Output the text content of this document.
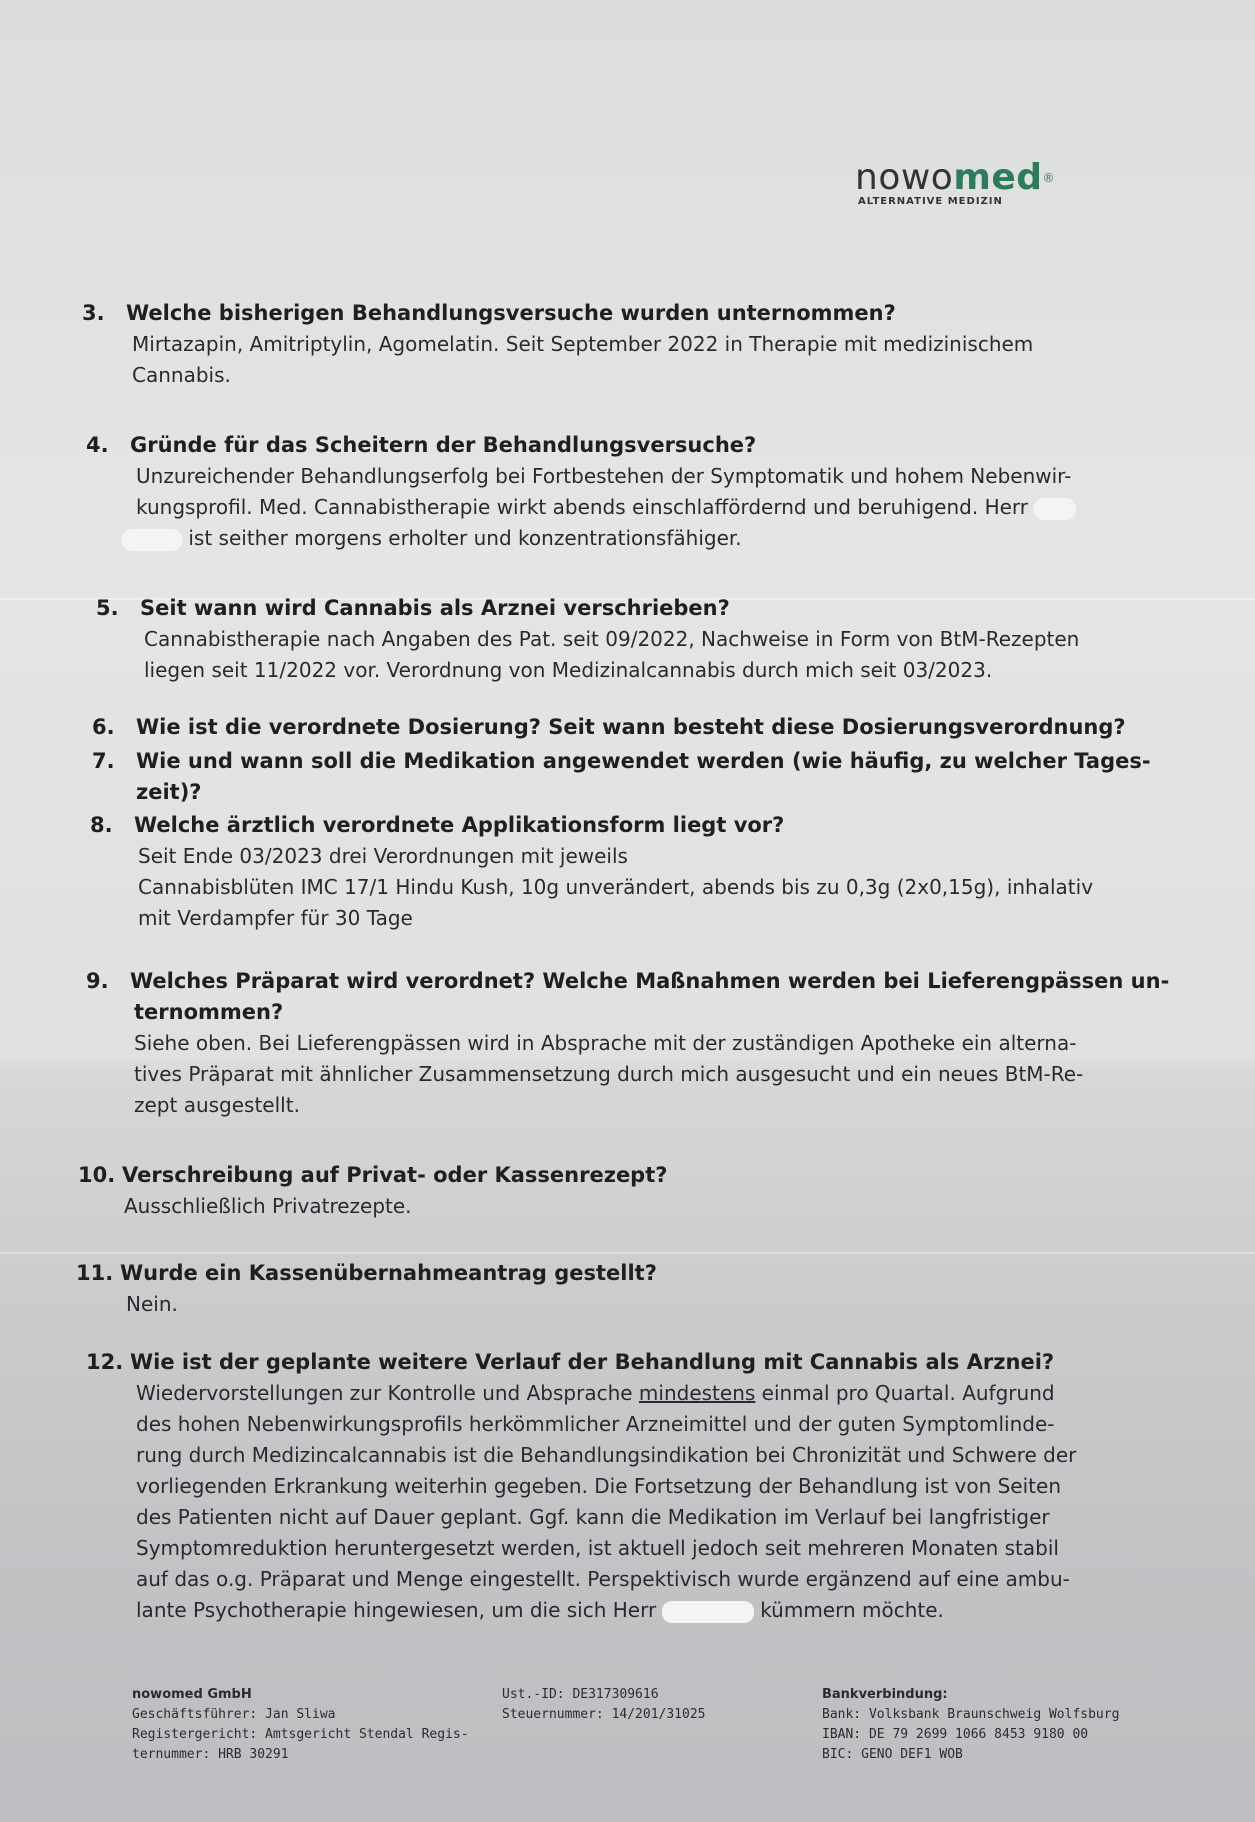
nowomed®
ALTERNATIVE MEDIZIN
3. Welche bisherigen Behandlungsversuche wurden unternommen?
Mirtazapin, Amitriptylin, Agomelatin. Seit September 2022 in Therapie mit medizinischem
Cannabis.
4. Gründe für das Scheitern der Behandlungsversuche?
Unzureichender Behandlungserfolg bei Fortbestehen der Symptomatik und hohem Nebenwir-
kungsprofil. Med. Cannabistherapie wirkt abends einschlaffördernd und beruhigend. Herr
ist seither morgens erholter und konzentrationsfähiger.
5. Seit wann wird Cannabis als Arznei verschrieben?
Cannabistherapie nach Angaben des Pat. seit 09/2022, Nachweise in Form von BtM-Rezepten
liegen seit 11/2022 vor. Verordnung von Medizinalcannabis durch mich seit 03/2023.
6. Wie ist die verordnete Dosierung? Seit wann besteht diese Dosierungsverordnung?
7. Wie und wann soll die Medikation angewendet werden (wie häufig, zu welcher Tages-
zeit)?
8. Welche ärztlich verordnete Applikationsform liegt vor?
Seit Ende 03/2023 drei Verordnungen mit jeweils
Cannabisblüten IMC 17/1 Hindu Kush, 10g unverändert, abends bis zu 0,3g (2x0,15g), inhalativ
mit Verdampfer für 30 Tage
9. Welches Präparat wird verordnet? Welche Maßnahmen werden bei Lieferengpässen un-
ternommen?
Siehe oben. Bei Lieferengpässen wird in Absprache mit der zuständigen Apotheke ein alterna-
tives Präparat mit ähnlicher Zusammensetzung durch mich ausgesucht und ein neues BtM-Re-
zept ausgestellt.
10. Verschreibung auf Privat- oder Kassenrezept?
Ausschließlich Privatrezepte.
11. Wurde ein Kassenübernahmeantrag gestellt?
Nein.
12. Wie ist der geplante weitere Verlauf der Behandlung mit Cannabis als Arznei?
Wiedervorstellungen zur Kontrolle und Absprache mindestens einmal pro Quartal. Aufgrund
des hohen Nebenwirkungsprofils herkömmlicher Arzneimittel und der guten Symptomlinde-
rung durch Medizincalcannabis ist die Behandlungsindikation bei Chronizität und Schwere der
vorliegenden Erkrankung weiterhin gegeben. Die Fortsetzung der Behandlung ist von Seiten
des Patienten nicht auf Dauer geplant. Ggf. kann die Medikation im Verlauf bei langfristiger
Symptomreduktion heruntergesetzt werden, ist aktuell jedoch seit mehreren Monaten stabil
auf das o.g. Präparat und Menge eingestellt. Perspektivisch wurde ergänzend auf eine ambu-
lante Psychotherapie hingewiesen, um die sich Herr	kümmern möchte.
nowomed GmbH
Geschäftsführer: Jan Sliwa
Registergericht: Amtsgericht Stendal Regis-
ternummer: HRB 30291
Ust.-ID: DE317309616
Steuernummer: 14/201/31025
Bankverbindung:
Bank: Volksbank Braunschweig Wolfsburg
IBAN: DE 79 2699 1066 8453 9180 00
BIC: GENO DEF1 WOB
